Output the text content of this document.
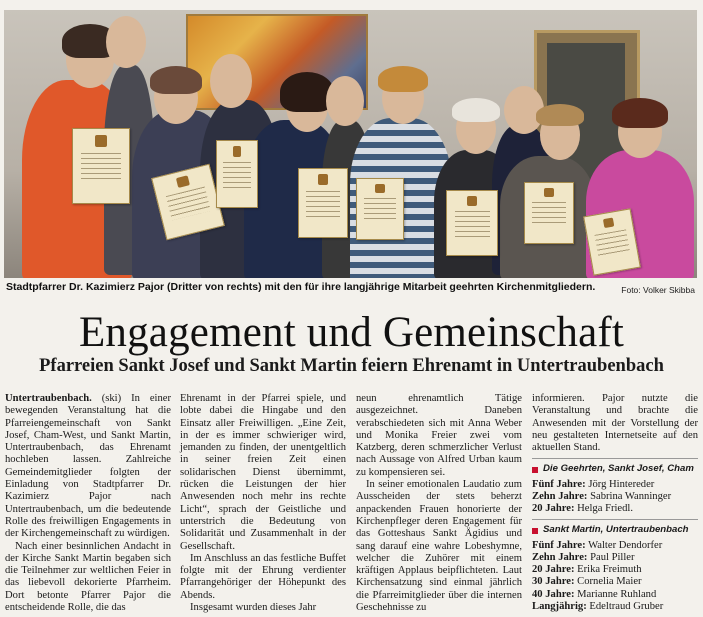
Stadtpfarrer Dr. Kazimierz Pajor (Dritter von rechts) mit den für ihre langjährige Mitarbeit geehrten Kirchenmitgliedern.	Foto: Volker Skibba
Engagement und Gemeinschaft
Pfarreien Sankt Josef und Sankt Martin feiern Ehrenamt in Untertraubenbach

Untertraubenbach. (ski) In einer bewegenden Veranstaltung hat die Pfarreiengemeinschaft von Sankt Josef, Cham-West, und Sankt Martin, Untertraubenbach, das Ehrenamt hochleben lassen. Zahlreiche Gemeindemitglieder folgten der Einladung von Stadtpfarrer Dr. Kazimierz Pajor nach Untertraubenbach, um die bedeutende Rolle des freiwilligen Engagements in der Kirchengemeinschaft zu würdigen.

Nach einer besinnlichen Andacht in der Kirche Sankt Martin begaben sich die Teilnehmer zur weltlichen Feier in das liebevoll dekorierte Pfarrheim. Dort betonte Pfarrer Pajor die entscheidende Rolle, die das

Ehrenamt in der Pfarrei spiele, und lobte dabei die Hingabe und den Einsatz aller Freiwilligen. „Eine Zeit, in der es immer schwieriger wird, jemanden zu finden, der unentgeltlich in seiner freien Zeit einen solidarischen Dienst übernimmt, rücken die Leistungen der hier Anwesenden noch mehr ins rechte Licht“, sprach der Geistliche und unterstrich die Bedeutung von Solidarität und Zusammenhalt in der Gesellschaft.

Im Anschluss an das festliche Buffet folgte mit der Ehrung verdienter Pfarrangehöriger der Höhepunkt des Abends.

Insgesamt wurden dieses Jahr

neun ehrenamtlich Tätige ausgezeichnet. Daneben verabschiedeten sich mit Anna Weber und Monika Freier zwei vom Katzberg, deren schmerzlicher Verlust nach Aussage von Alfred Urban kaum zu kompensieren sei.

In seiner emotionalen Laudatio zum Ausscheiden der stets beherzt anpackenden Frauen honorierte der Kirchenpfleger deren Engagement für das Gotteshaus Sankt Ägidius und sang darauf eine wahre Lobeshymne, welcher die Zuhörer mit einem kräftigen Applaus beipflichteten. Laut Kirchensatzung sind einmal jährlich die Pfarreimitglieder über die internen Geschehnisse zu

informieren. Pajor nutzte die Veranstaltung und brachte die Anwesenden mit der Vorstellung der neu gestalteten Internetseite auf den aktuellen Stand.

Die Geehrten, Sankt Josef, Cham
Fünf Jahre: Jörg Hintereder
Zehn Jahre: Sabrina Wanninger
20 Jahre: Helga Friedl.
Sankt Martin, Untertraubenbach
Fünf Jahre: Walter Dendorfer
Zehn Jahre: Paul Piller
20 Jahre: Erika Freimuth
30 Jahre: Cornelia Maier
40 Jahre: Marianne Ruhland
Langjährig: Edeltraud Gruber
